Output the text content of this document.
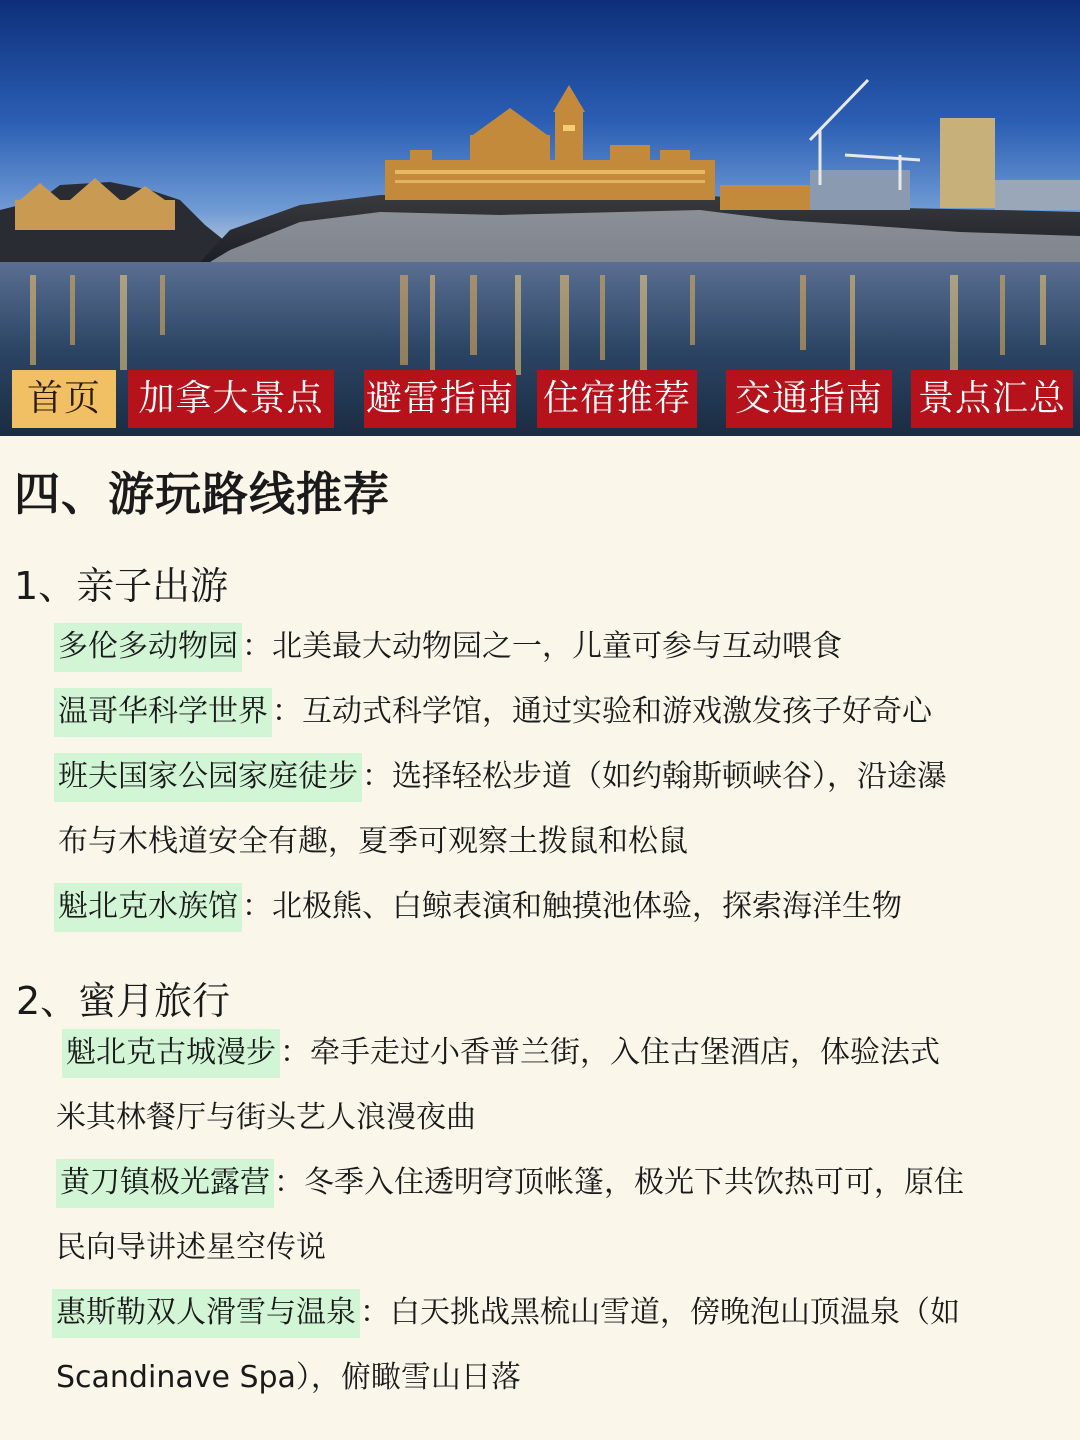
首页	加拿大景点 避雷指南 住宿推荐 交通指南 景点汇总
四、游玩路线推荐
1、亲子出游
多伦多动物园 ：北美最大动物园之一，儿童可参与互动喂食
温哥华科学世界 ：互动式科学馆，通过实验和游戏激发孩子好奇心
班夫国家公园家庭徒步 ：选择轻松步道（如约翰斯顿峡谷），沿途瀑
布与木栈道安全有趣，夏季可观察土拨鼠和松鼠
魁北克水族馆 ：北极熊、白鲸表演和触摸池体验，探索海洋生物
2、蜜月旅行
魁北克古城漫步 ：牵手走过小香普兰街，入住古堡酒店，体验法式
米其林餐厅与街头艺人浪漫夜曲
黄刀镇极光露营 ：冬季入住透明穹顶帐篷，极光下共饮热可可，原住
民向导讲述星空传说
惠斯勒双人滑雪与温泉 ：白天挑战黑梳山雪道，傍晚泡山顶温泉（如
Scandinave Spa），俯瞰雪山日落
